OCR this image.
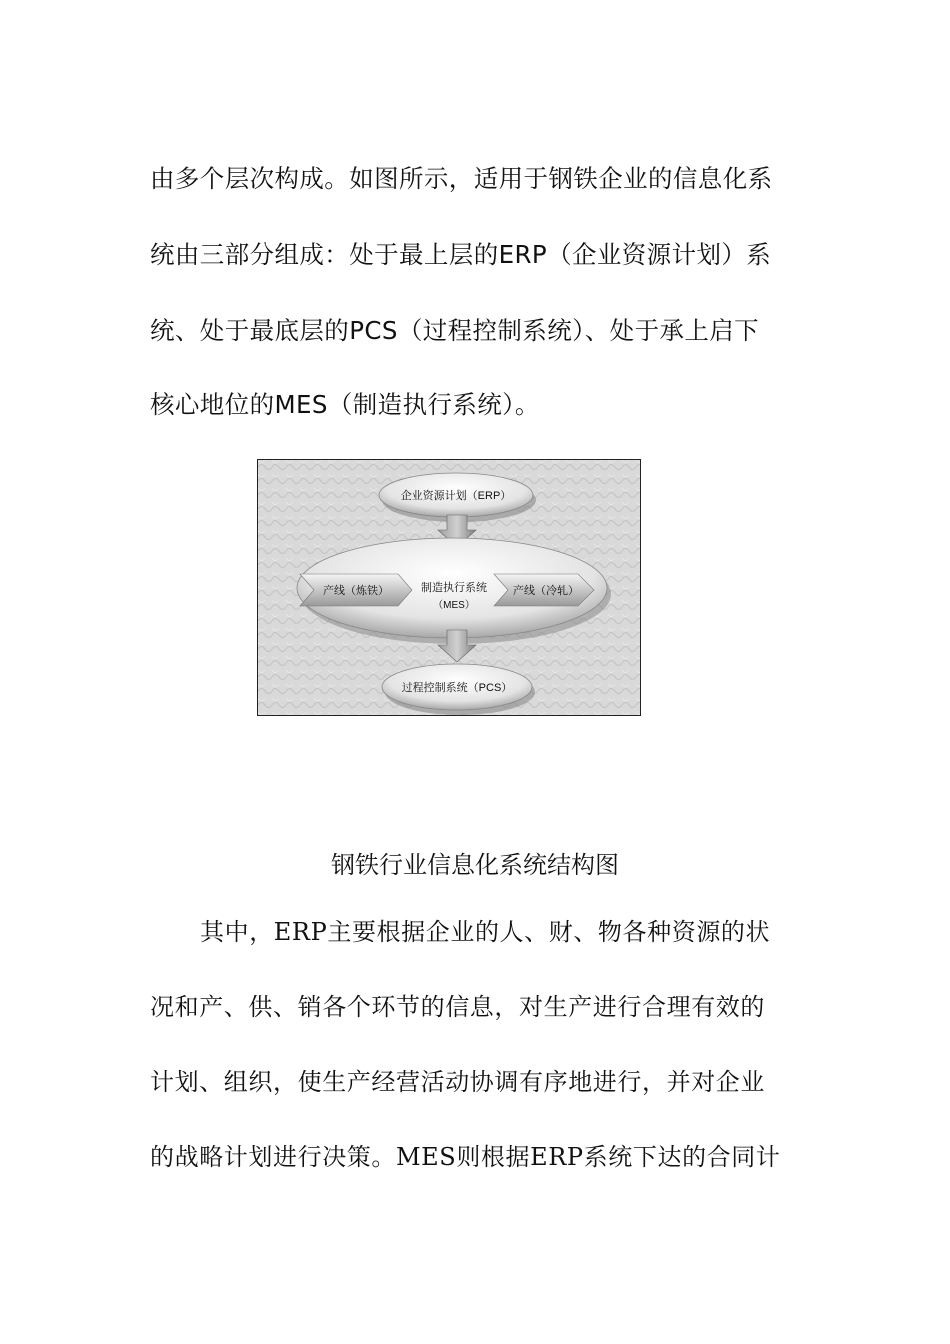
由多个层次构成。如图所示，适用于钢铁企业的信息化系
统由三部分组成：处于最上层的ERP（企业资源计划）系
统、处于最底层的PCS（过程控制系统）、处于承上启下
核心地位的MES（制造执行系统）。
企业资源计划（ERP）
产线（炼铁）	产线（冷轧）
制造执行系统
（MES）
过程控制系统（PCS）
钢铁行业信息化系统结构图
其中，ERP主要根据企业的人、财、物各种资源的状
况和产、供、销各个环节的信息，对生产进行合理有效的
计划、组织，使生产经营活动协调有序地进行，并对企业
的战略计划进行决策。MES则根据ERP系统下达的合同计
